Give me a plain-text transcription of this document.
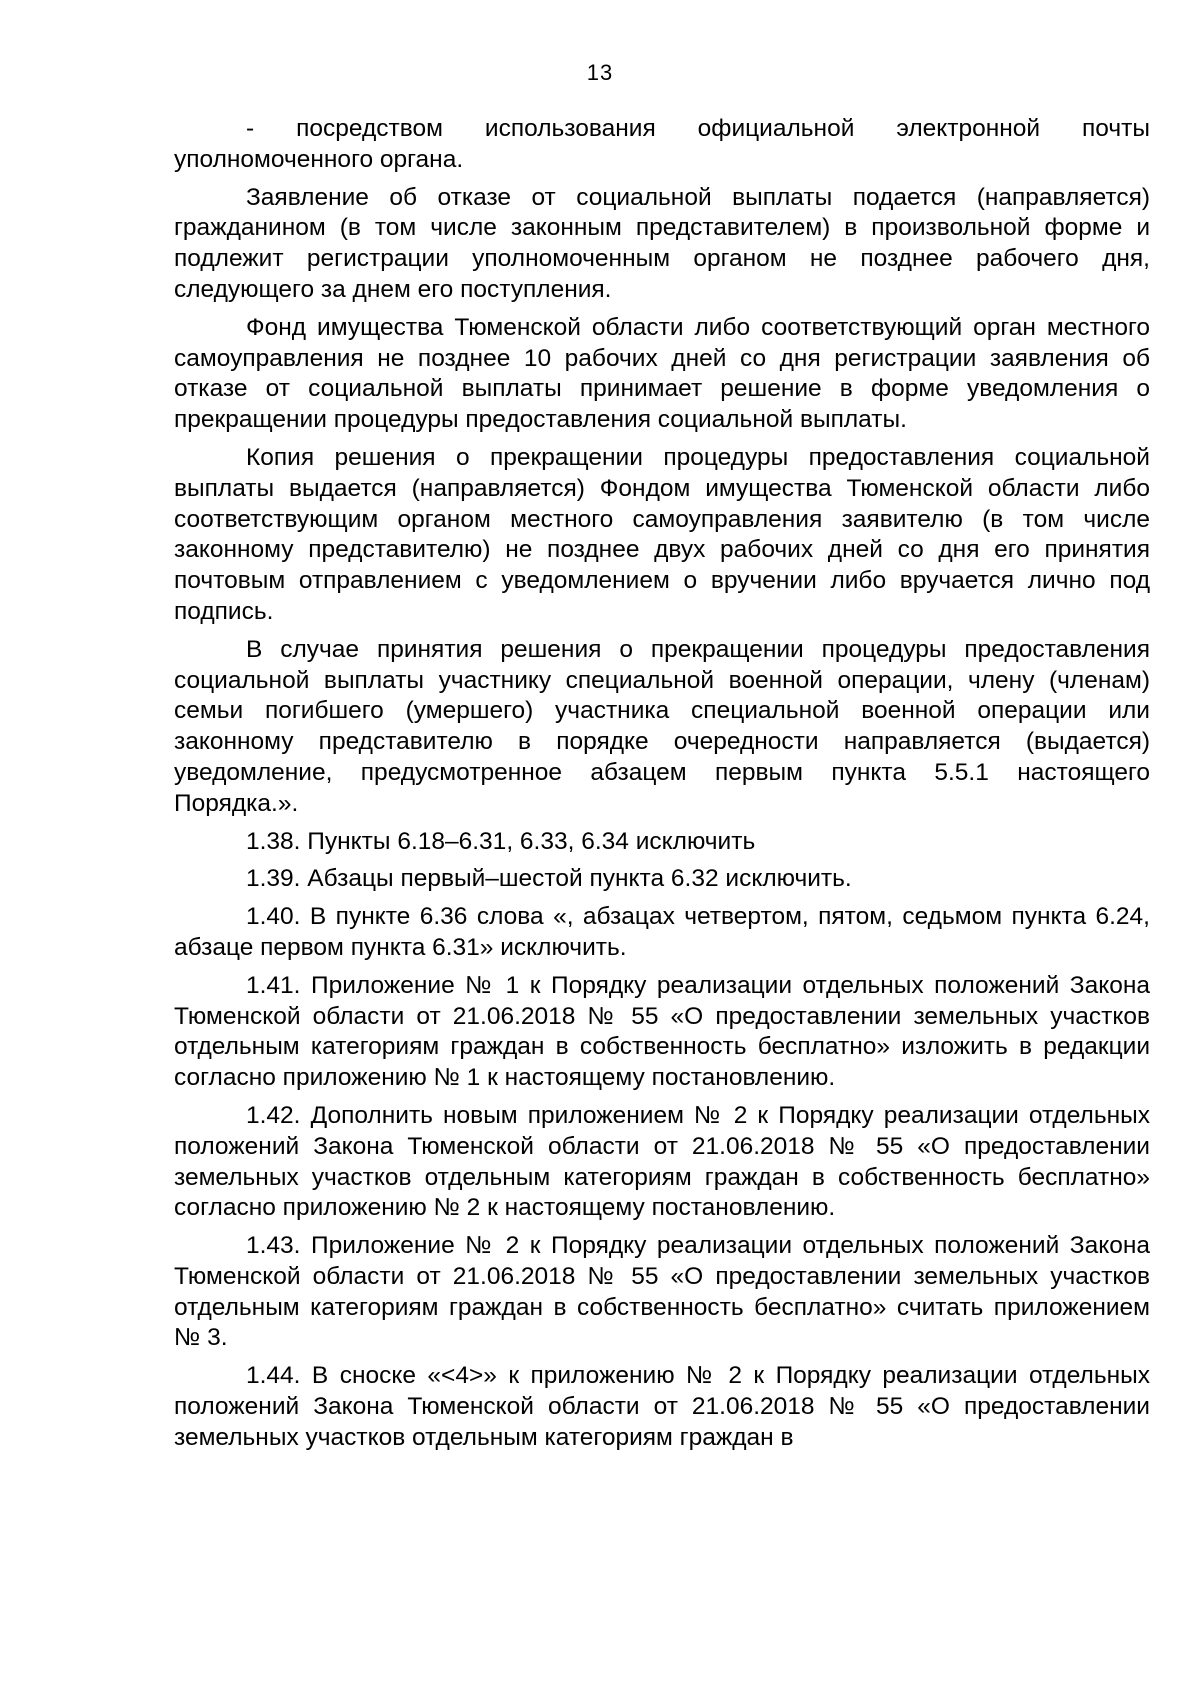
13

- посредством использования официальной электронной почты уполномоченного органа.

Заявление об отказе от социальной выплаты подается (направляется) гражданином (в том числе законным представителем) в произвольной форме и подлежит регистрации уполномоченным органом не позднее рабочего дня, следующего за днем его поступления.

Фонд имущества Тюменской области либо соответствующий орган местного самоуправления не позднее 10 рабочих дней со дня регистрации заявления об отказе от социальной выплаты принимает решение в форме уведомления о прекращении процедуры предоставления социальной выплаты.

Копия решения о прекращении процедуры предоставления социальной выплаты выдается (направляется) Фондом имущества Тюменской области либо соответствующим органом местного самоуправления заявителю (в том числе законному представителю) не позднее двух рабочих дней со дня его принятия почтовым отправлением с уведомлением о вручении либо вручается лично под подпись.

В случае принятия решения о прекращении процедуры предоставления социальной выплаты участнику специальной военной операции, члену (членам) семьи погибшего (умершего) участника специальной военной операции или законному представителю в порядке очередности направляется (выдается) уведомление, предусмотренное абзацем первым пункта 5.5.1 настоящего Порядка.».

1.38. Пункты 6.18–6.31, 6.33, 6.34 исключить

1.39. Абзацы первый–шестой пункта 6.32 исключить.

1.40. В пункте 6.36 слова «, абзацах четвертом, пятом, седьмом пункта 6.24, абзаце первом пункта 6.31» исключить.

1.41. Приложение № 1 к Порядку реализации отдельных положений Закона Тюменской области от 21.06.2018 № 55 «О предоставлении земельных участков отдельным категориям граждан в собственность бесплатно» изложить в редакции согласно приложению № 1 к настоящему постановлению.

1.42. Дополнить новым приложением № 2 к Порядку реализации отдельных положений Закона Тюменской области от 21.06.2018 № 55 «О предоставлении земельных участков отдельным категориям граждан в собственность бесплатно» согласно приложению № 2 к настоящему постановлению.

1.43. Приложение № 2 к Порядку реализации отдельных положений Закона Тюменской области от 21.06.2018 № 55 «О предоставлении земельных участков отдельным категориям граждан в собственность бесплатно» считать приложением № 3.

1.44. В сноске «<4>» к приложению № 2 к Порядку реализации отдельных положений Закона Тюменской области от 21.06.2018 № 55 «О предоставлении земельных участков отдельным категориям граждан в
